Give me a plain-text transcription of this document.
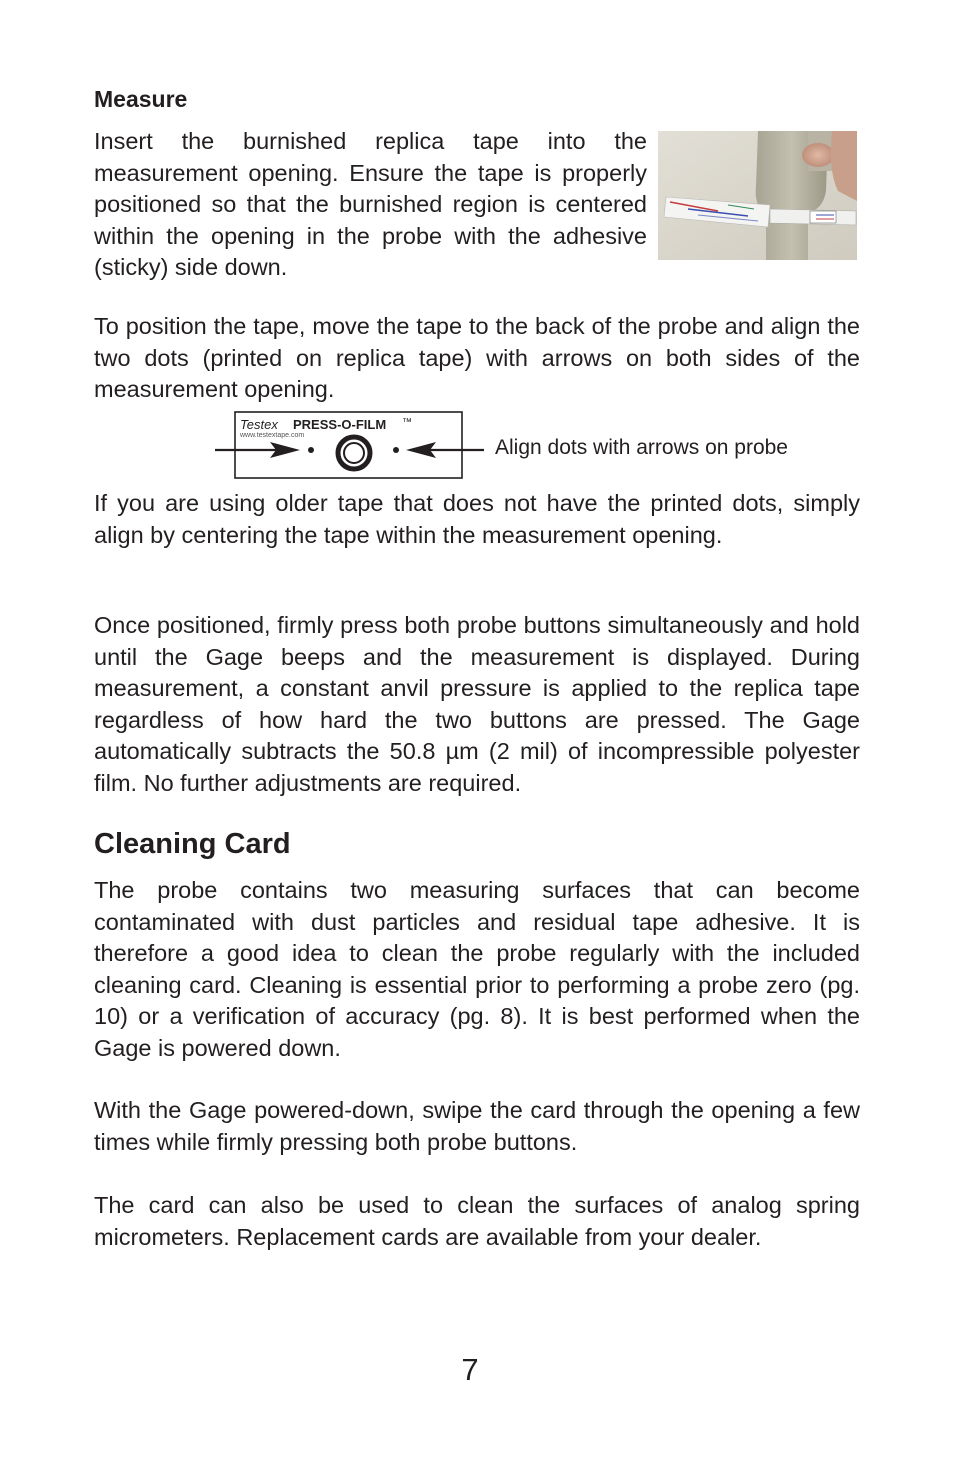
Measure

Insert the burnished replica tape into the measurement opening. Ensure the tape is properly positioned so that the burnished region is centered within the opening in the probe with the adhesive (sticky) side down.

To position the tape, move the tape to the back of the probe and align the two dots (printed on replica tape) with arrows on both sides of the measurement opening.

Testex PRESS-O-FILM ™
www.testextape.com
Align dots with arrows on probe

If you are using older tape that does not have the printed dots, simply align by centering the tape within the measurement opening.

Once positioned, firmly press both probe buttons simultaneously and hold until the Gage beeps and the measurement is displayed. During measurement, a constant anvil pressure is applied to the replica tape regardless of how hard the two buttons are pressed. The Gage automatically subtracts the 50.8 µm (2 mil) of incompressible polyester film. No further adjustments are required.

Cleaning Card

The probe contains two measuring surfaces that can become contaminated with dust particles and residual tape adhesive. It is therefore a good idea to clean the probe regularly with the included cleaning card. Cleaning is essential prior to performing a probe zero (pg. 10) or a verification of accuracy (pg. 8). It is best performed when the Gage is powered down.

With the Gage powered-down, swipe the card through the opening a few times while firmly pressing both probe buttons.

The card can also be used to clean the surfaces of analog spring micrometers. Replacement cards are available from your dealer.

7
